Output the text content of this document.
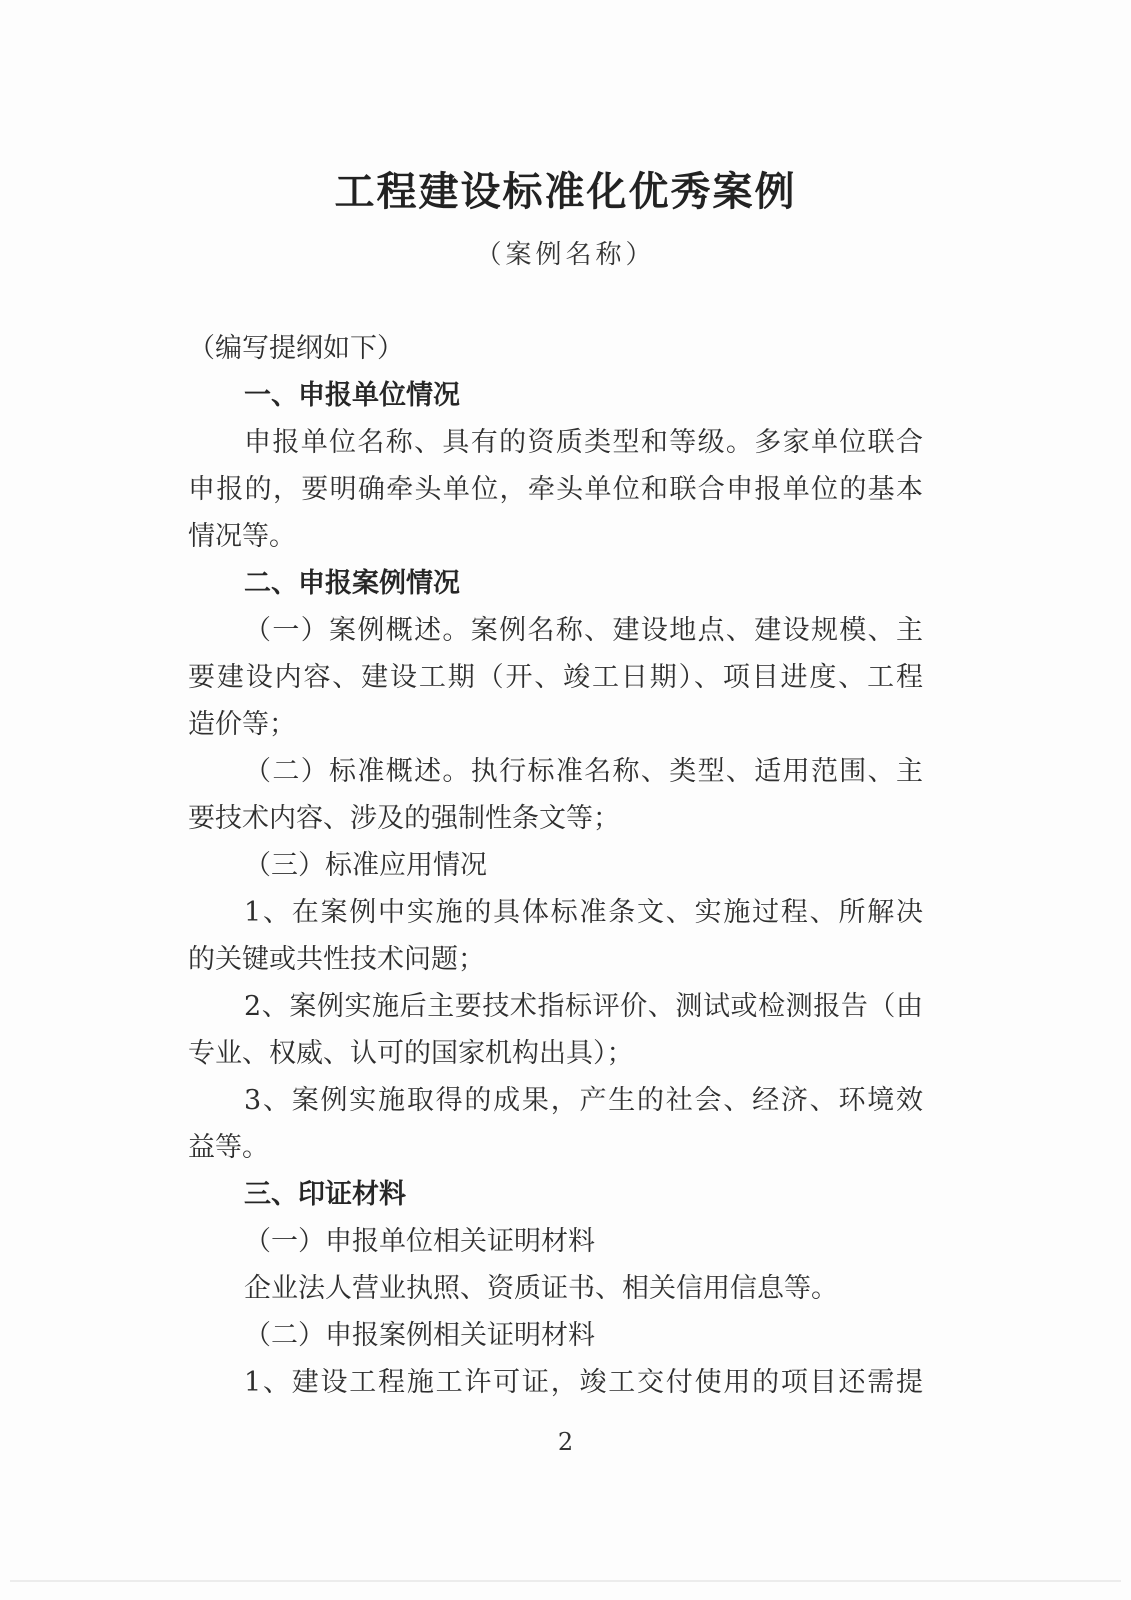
工程建设标准化优秀案例
（案例名称）
（编写提纲如下）
一、申报单位情况
申报单位名称、具有的资质类型和等级。多家单位联合
申报的，要明确牵头单位，牵头单位和联合申报单位的基本
情况等。
二、申报案例情况
（一）案例概述。案例名称、建设地点、建设规模、主
要建设内容、建设工期（开、竣工日期）、项目进度、工程
造价等；
（二）标准概述。执行标准名称、类型、适用范围、主
要技术内容、涉及的强制性条文等；
（三）标准应用情况
1、在案例中实施的具体标准条文、实施过程、所解决
的关键或共性技术问题；
2、案例实施后主要技术指标评价、测试或检测报告（由
专业、权威、认可的国家机构出具）；
3、案例实施取得的成果，产生的社会、经济、环境效
益等。
三、印证材料
（一）申报单位相关证明材料
企业法人营业执照、资质证书、相关信用信息等。
（二）申报案例相关证明材料
1、建设工程施工许可证，竣工交付使用的项目还需提
2
